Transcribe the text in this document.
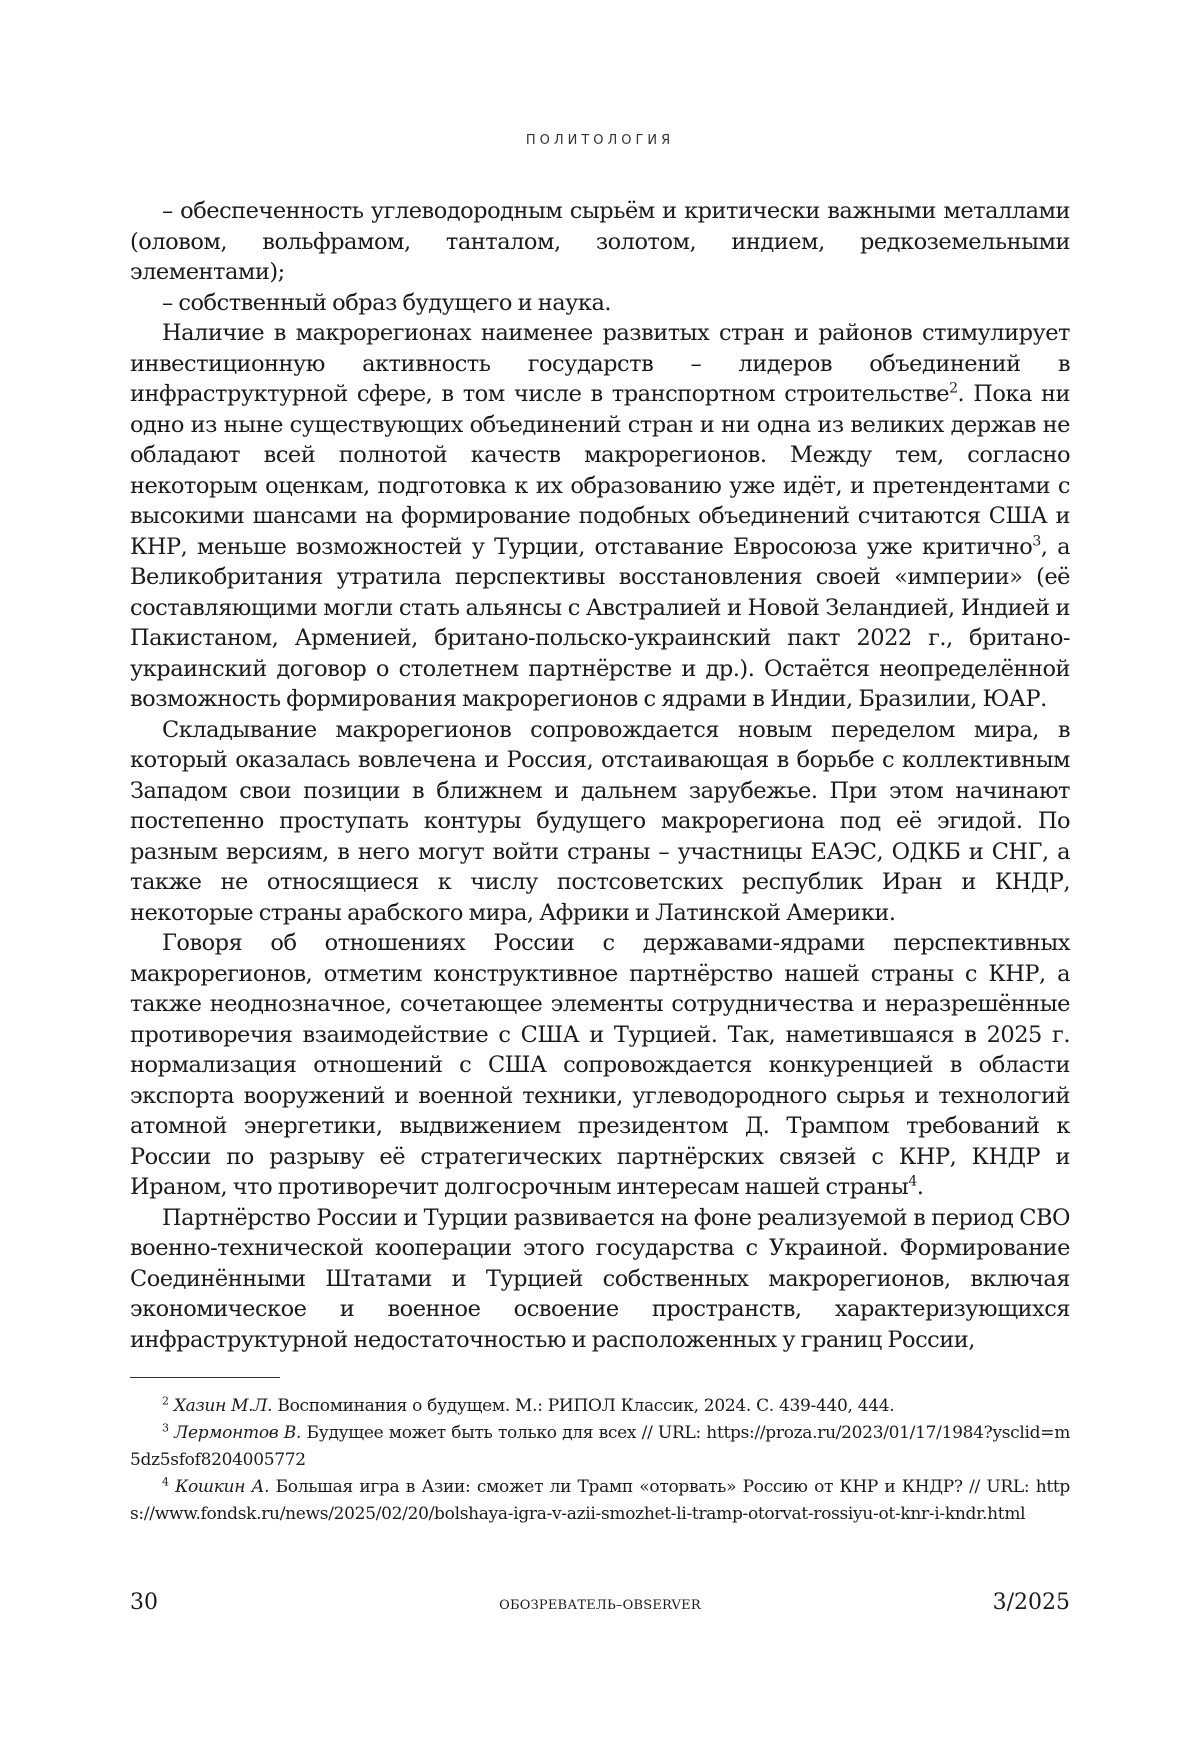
ПОЛИТОЛОГИЯ

– обеспеченность углеводородным сырьём и критически важными металлами (оловом, вольфрамом, танталом, золотом, индием, редкоземельными элементами);

– собственный образ будущего и наука.

Наличие в макрорегионах наименее развитых стран и районов стимулирует инвестиционную активность государств – лидеров объединений в инфраструктурной сфере, в том числе в транспортном строительстве2. Пока ни одно из ныне существующих объединений стран и ни одна из великих держав не обладают всей полнотой качеств макрорегионов. Между тем, согласно некоторым оценкам, подготовка к их образованию уже идёт, и претендентами с высокими шансами на формирование подобных объединений считаются США и КНР, меньше возможностей у Турции, отставание Евросоюза уже критично3, а Великобритания утратила перспективы восстановления своей «империи» (её составляющими могли стать альянсы с Австралией и Новой Зеландией, Индией и Пакистаном, Арменией, британо-польско-украинский пакт 2022 г., британо-украинский договор о столетнем партнёрстве и др.). Остаётся неопределённой возможность формирования макрорегионов с ядрами в Индии, Бразилии, ЮАР.

Складывание макрорегионов сопровождается новым переделом мира, в который оказалась вовлечена и Россия, отстаивающая в борьбе с коллективным Западом свои позиции в ближнем и дальнем зарубежье. При этом начинают постепенно проступать контуры будущего макрорегиона под её эгидой. По разным версиям, в него могут войти страны – участницы ЕАЭС, ОДКБ и СНГ, а также не относящиеся к числу постсоветских республик Иран и КНДР, некоторые страны арабского мира, Африки и Латинской Америки.

Говоря об отношениях России с державами-ядрами перспективных макрорегионов, отметим конструктивное партнёрство нашей страны с КНР, а также неоднозначное, сочетающее элементы сотрудничества и неразрешённые противоречия взаимодействие с США и Турцией. Так, наметившаяся в 2025 г. нормализация отношений с США сопровождается конкуренцией в области экспорта вооружений и военной техники, углеводородного сырья и технологий атомной энергетики, выдвижением президентом Д. Трампом требований к России по разрыву её стратегических партнёрских связей с КНР, КНДР и Ираном, что противоречит долгосрочным интересам нашей страны4.

Партнёрство России и Турции развивается на фоне реализуемой в период СВО военно-технической кооперации этого государства с Украиной. Формирование Соединёнными Штатами и Турцией собственных макрорегионов, включая экономическое и военное освоение пространств, характеризующихся инфраструктурной недостаточностью и расположенных у границ России,

2 Хазин М.Л. Воспоминания о будущем. М.: РИПОЛ Классик, 2024. С. 439-440, 444.

3 Лермонтов В. Будущее может быть только для всех // URL: https://proza.ru/2023/01/17/1984?ysclid=m5dz5sfof8204005772

4 Кошкин А. Большая игра в Азии: сможет ли Трамп «оторвать» Россию от КНР и КНДР? // URL: https://www.fondsk.ru/news/2025/02/20/bolshaya-igra-v-azii-smozhet-li-tramp-otorvat-rossiyu-ot-knr-i-kndr.html

30	ОБОЗРЕВАТЕЛЬ–OBSERVER	3/2025
